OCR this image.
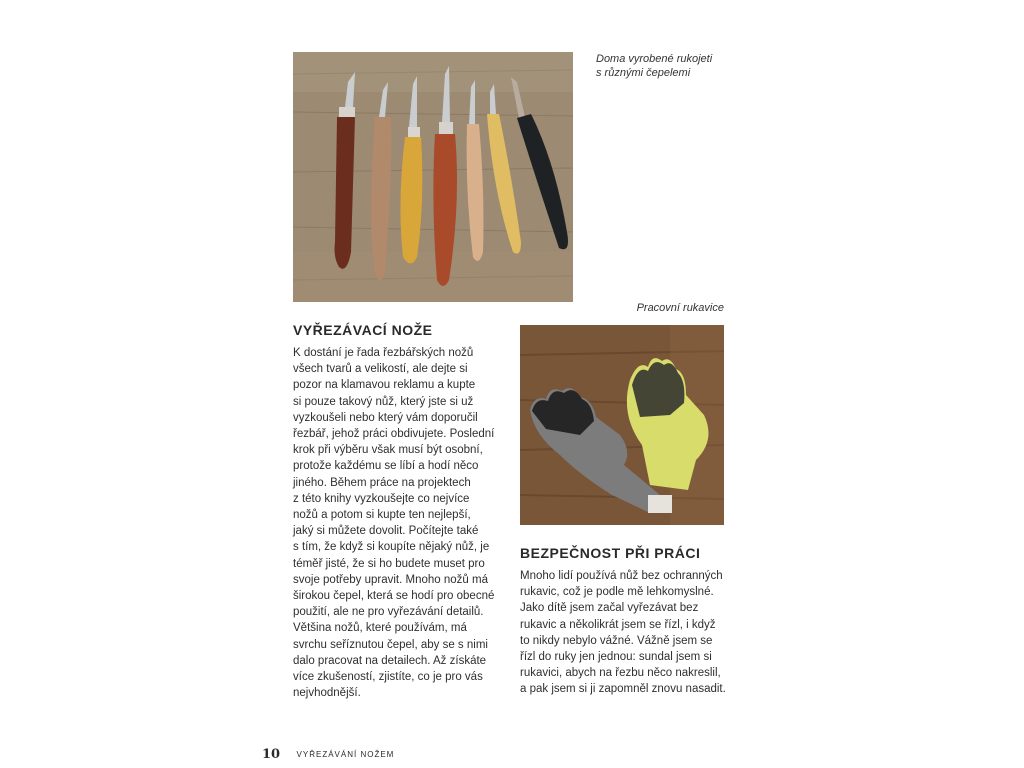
Doma vyrobené rukojeti
s různými čepelemi
Pracovní rukavice
VYŘEZÁVACÍ NOŽE
K dostání je řada řezbářských nožů
všech tvarů a velikostí, ale dejte si
pozor na klamavou reklamu a kupte
si pouze takový nůž, který jste si už
vyzkoušeli nebo který vám doporučil
řezbář, jehož práci obdivujete. Poslední
krok při výběru však musí být osobní,
protože každému se líbí a hodí něco
jiného. Během práce na projektech
z této knihy vyzkoušejte co nejvíce
nožů a potom si kupte ten nejlepší,
jaký si můžete dovolit. Počítejte také
s tím, že když si koupíte nějaký nůž, je
téměř jisté, že si ho budete muset pro
svoje potřeby upravit. Mnoho nožů má
širokou čepel, která se hodí pro obecné
použití, ale ne pro vyřezávání detailů.
Většina nožů, které používám, má
svrchu seříznutou čepel, aby se s nimi
dalo pracovat na detailech. Až získáte
více zkušeností, zjistíte, co je pro vás
nejvhodnější.
BEZPEČNOST PŘI PRÁCI
Mnoho lidí používá nůž bez ochranných
rukavic, což je podle mě lehkomyslné.
Jako dítě jsem začal vyřezávat bez
rukavic a několikrát jsem se řízl, i když
to nikdy nebylo vážné. Vážně jsem se
řízl do ruky jen jednou: sundal jsem si
rukavici, abych na řezbu něco nakreslil,
a pak jsem si ji zapomněl znovu nasadit.
10 VYŘEZÁVÁNÍ NOŽEM
